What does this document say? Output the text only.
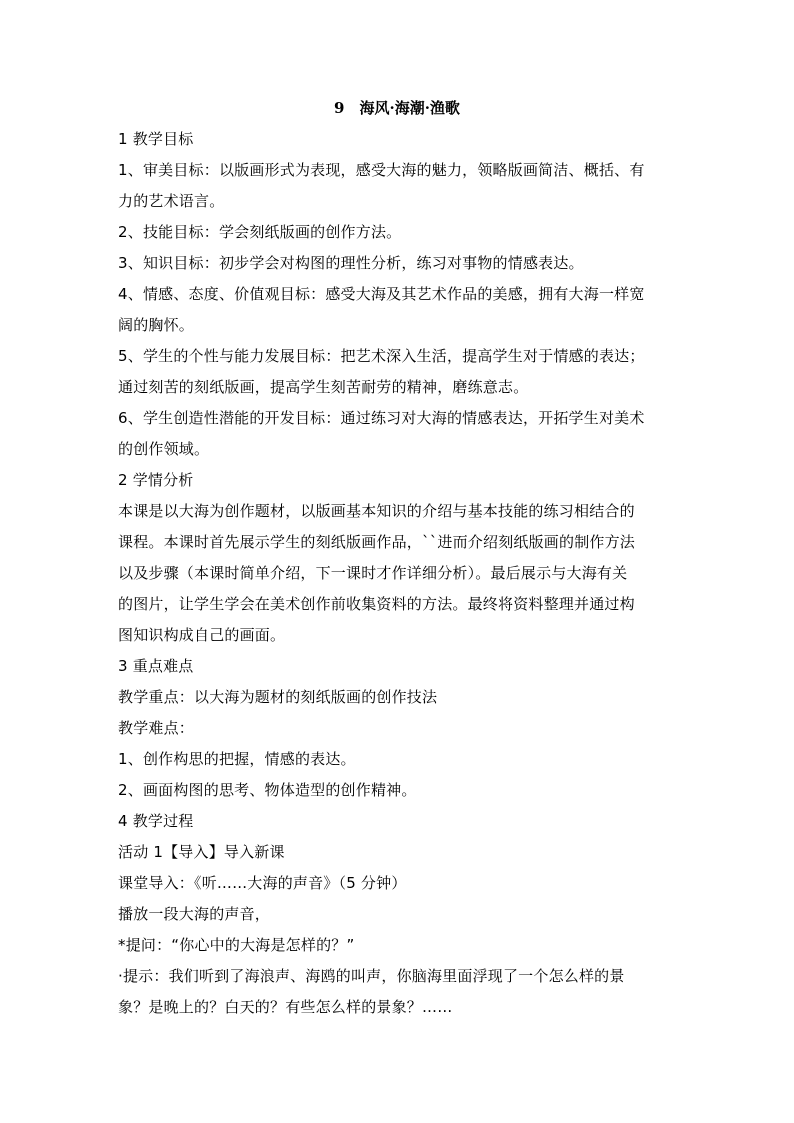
9　海风·海潮·渔歌
1 教学目标
1、审美目标：以版画形式为表现，感受大海的魅力，领略版画简洁、概括、有
力的艺术语言。
2、技能目标：学会刻纸版画的创作方法。
3、知识目标：初步学会对构图的理性分析，练习对事物的情感表达。
4、情感、态度、价值观目标：感受大海及其艺术作品的美感，拥有大海一样宽
阔的胸怀。
5、学生的个性与能力发展目标：把艺术深入生活，提高学生对于情感的表达；
通过刻苦的刻纸版画，提高学生刻苦耐劳的精神，磨练意志。
6、学生创造性潜能的开发目标：通过练习对大海的情感表达，开拓学生对美术
的创作领域。
2 学情分析
本课是以大海为创作题材，以版画基本知识的介绍与基本技能的练习相结合的
课程。本课时首先展示学生的刻纸版画作品，``进而介绍刻纸版画的制作方法
以及步骤（本课时简单介绍，下一课时才作详细分析）。最后展示与大海有关
的图片，让学生学会在美术创作前收集资料的方法。最终将资料整理并通过构
图知识构成自己的画面。
3 重点难点
教学重点：以大海为题材的刻纸版画的创作技法
教学难点：
1、创作构思的把握，情感的表达。
2、画面构图的思考、物体造型的创作精神。
4 教学过程
活动 1【导入】导入新课
课堂导入：《听……大海的声音》（5 分钟）
播放一段大海的声音，
*提问：“你心中的大海是怎样的？”
·提示：我们听到了海浪声、海鸥的叫声，你脑海里面浮现了一个怎么样的景
象？是晚上的？白天的？有些怎么样的景象？……
